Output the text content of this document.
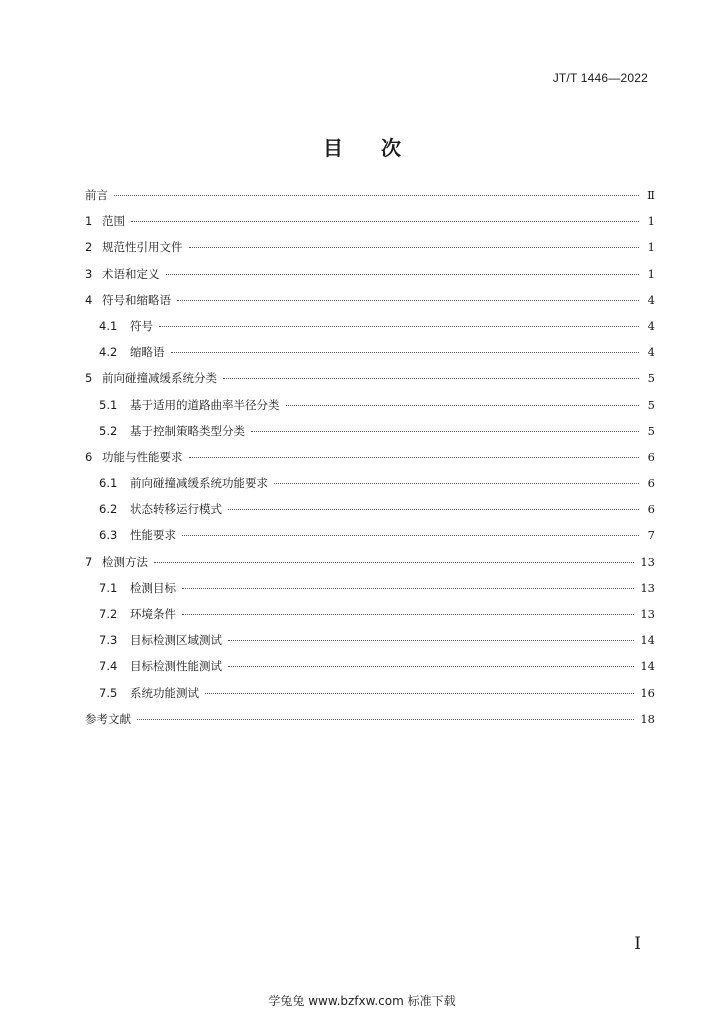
JT/T 1446—2022
目 次
前言	Ⅱ
1 范围	1
2 规范性引用文件	1
3 术语和定义	1
4 符号和缩略语	4
4.1	符号	4
4.2	缩略语	4
5 前向碰撞减缓系统分类	5
5.1	基于适用的道路曲率半径分类	5
5.2	基于控制策略类型分类	5
6 功能与性能要求	6
6.1	前向碰撞减缓系统功能要求	6
6.2	状态转移运行模式	6
6.3	性能要求	7
7 检测方法	13
7.1	检测目标	13
7.2	环境条件	13
7.3	目标检测区域测试	14
7.4	目标检测性能测试	14
7.5	系统功能测试	16
参考文献	18
I
学兔兔 www.bzfxw.com 标准下载
